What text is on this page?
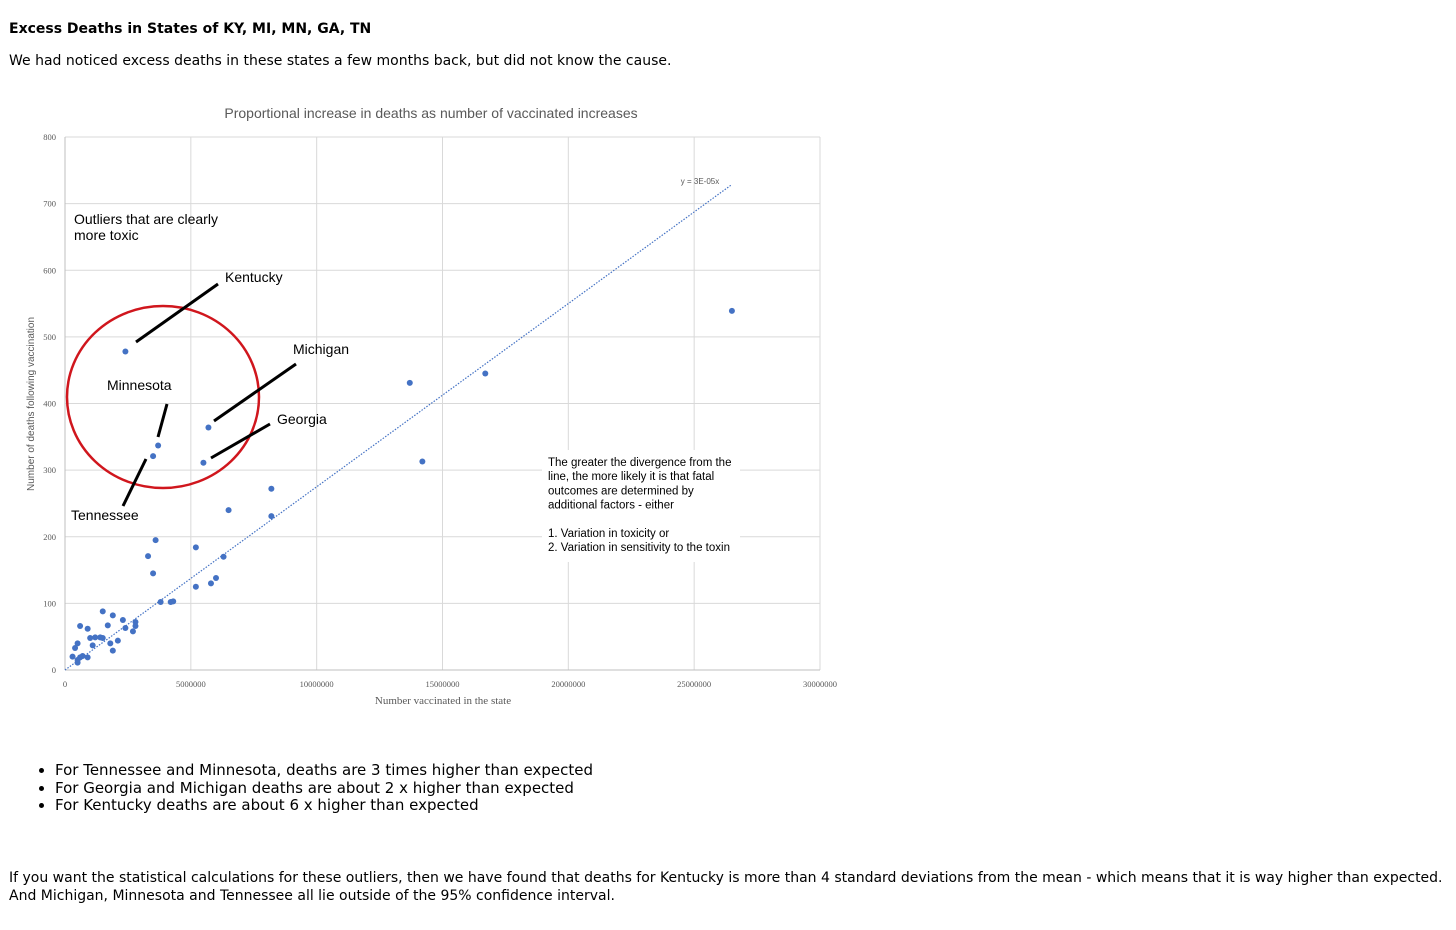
Excess Deaths in States of KY, MI, MN, GA, TN

We had noticed excess deaths in these states a few months back, but did not know the cause.

0
100
200
300
400
500
600
700
800
0	5000000	10000000	15000000	20000000	25000000	30000000
Proportional increase in deaths as number of vaccinated increases
Number vaccinated in the state
Number of deaths following vaccination
y = 3E-05x
Outliers that are clearly
more toxic
Kentucky
Michigan
Minnesota
Georgia
Tennessee
The greater the divergence from the
line, the more likely it is that fatal
outcomes are determined by
additional factors - either
1. Variation in toxicity or
2. Variation in sensitivity to the toxin
• For Tennessee and Minnesota, deaths are 3 times higher than expected
• For Georgia and Michigan deaths are about 2 x higher than expected
• For Kentucky deaths are about 6 x higher than expected
If you want the statistical calculations for these outliers, then we have found that deaths for Kentucky is more than 4 standard deviations from the mean - which means that it is way higher than expected.
And Michigan, Minnesota and Tennessee all lie outside of the 95% confidence interval.
